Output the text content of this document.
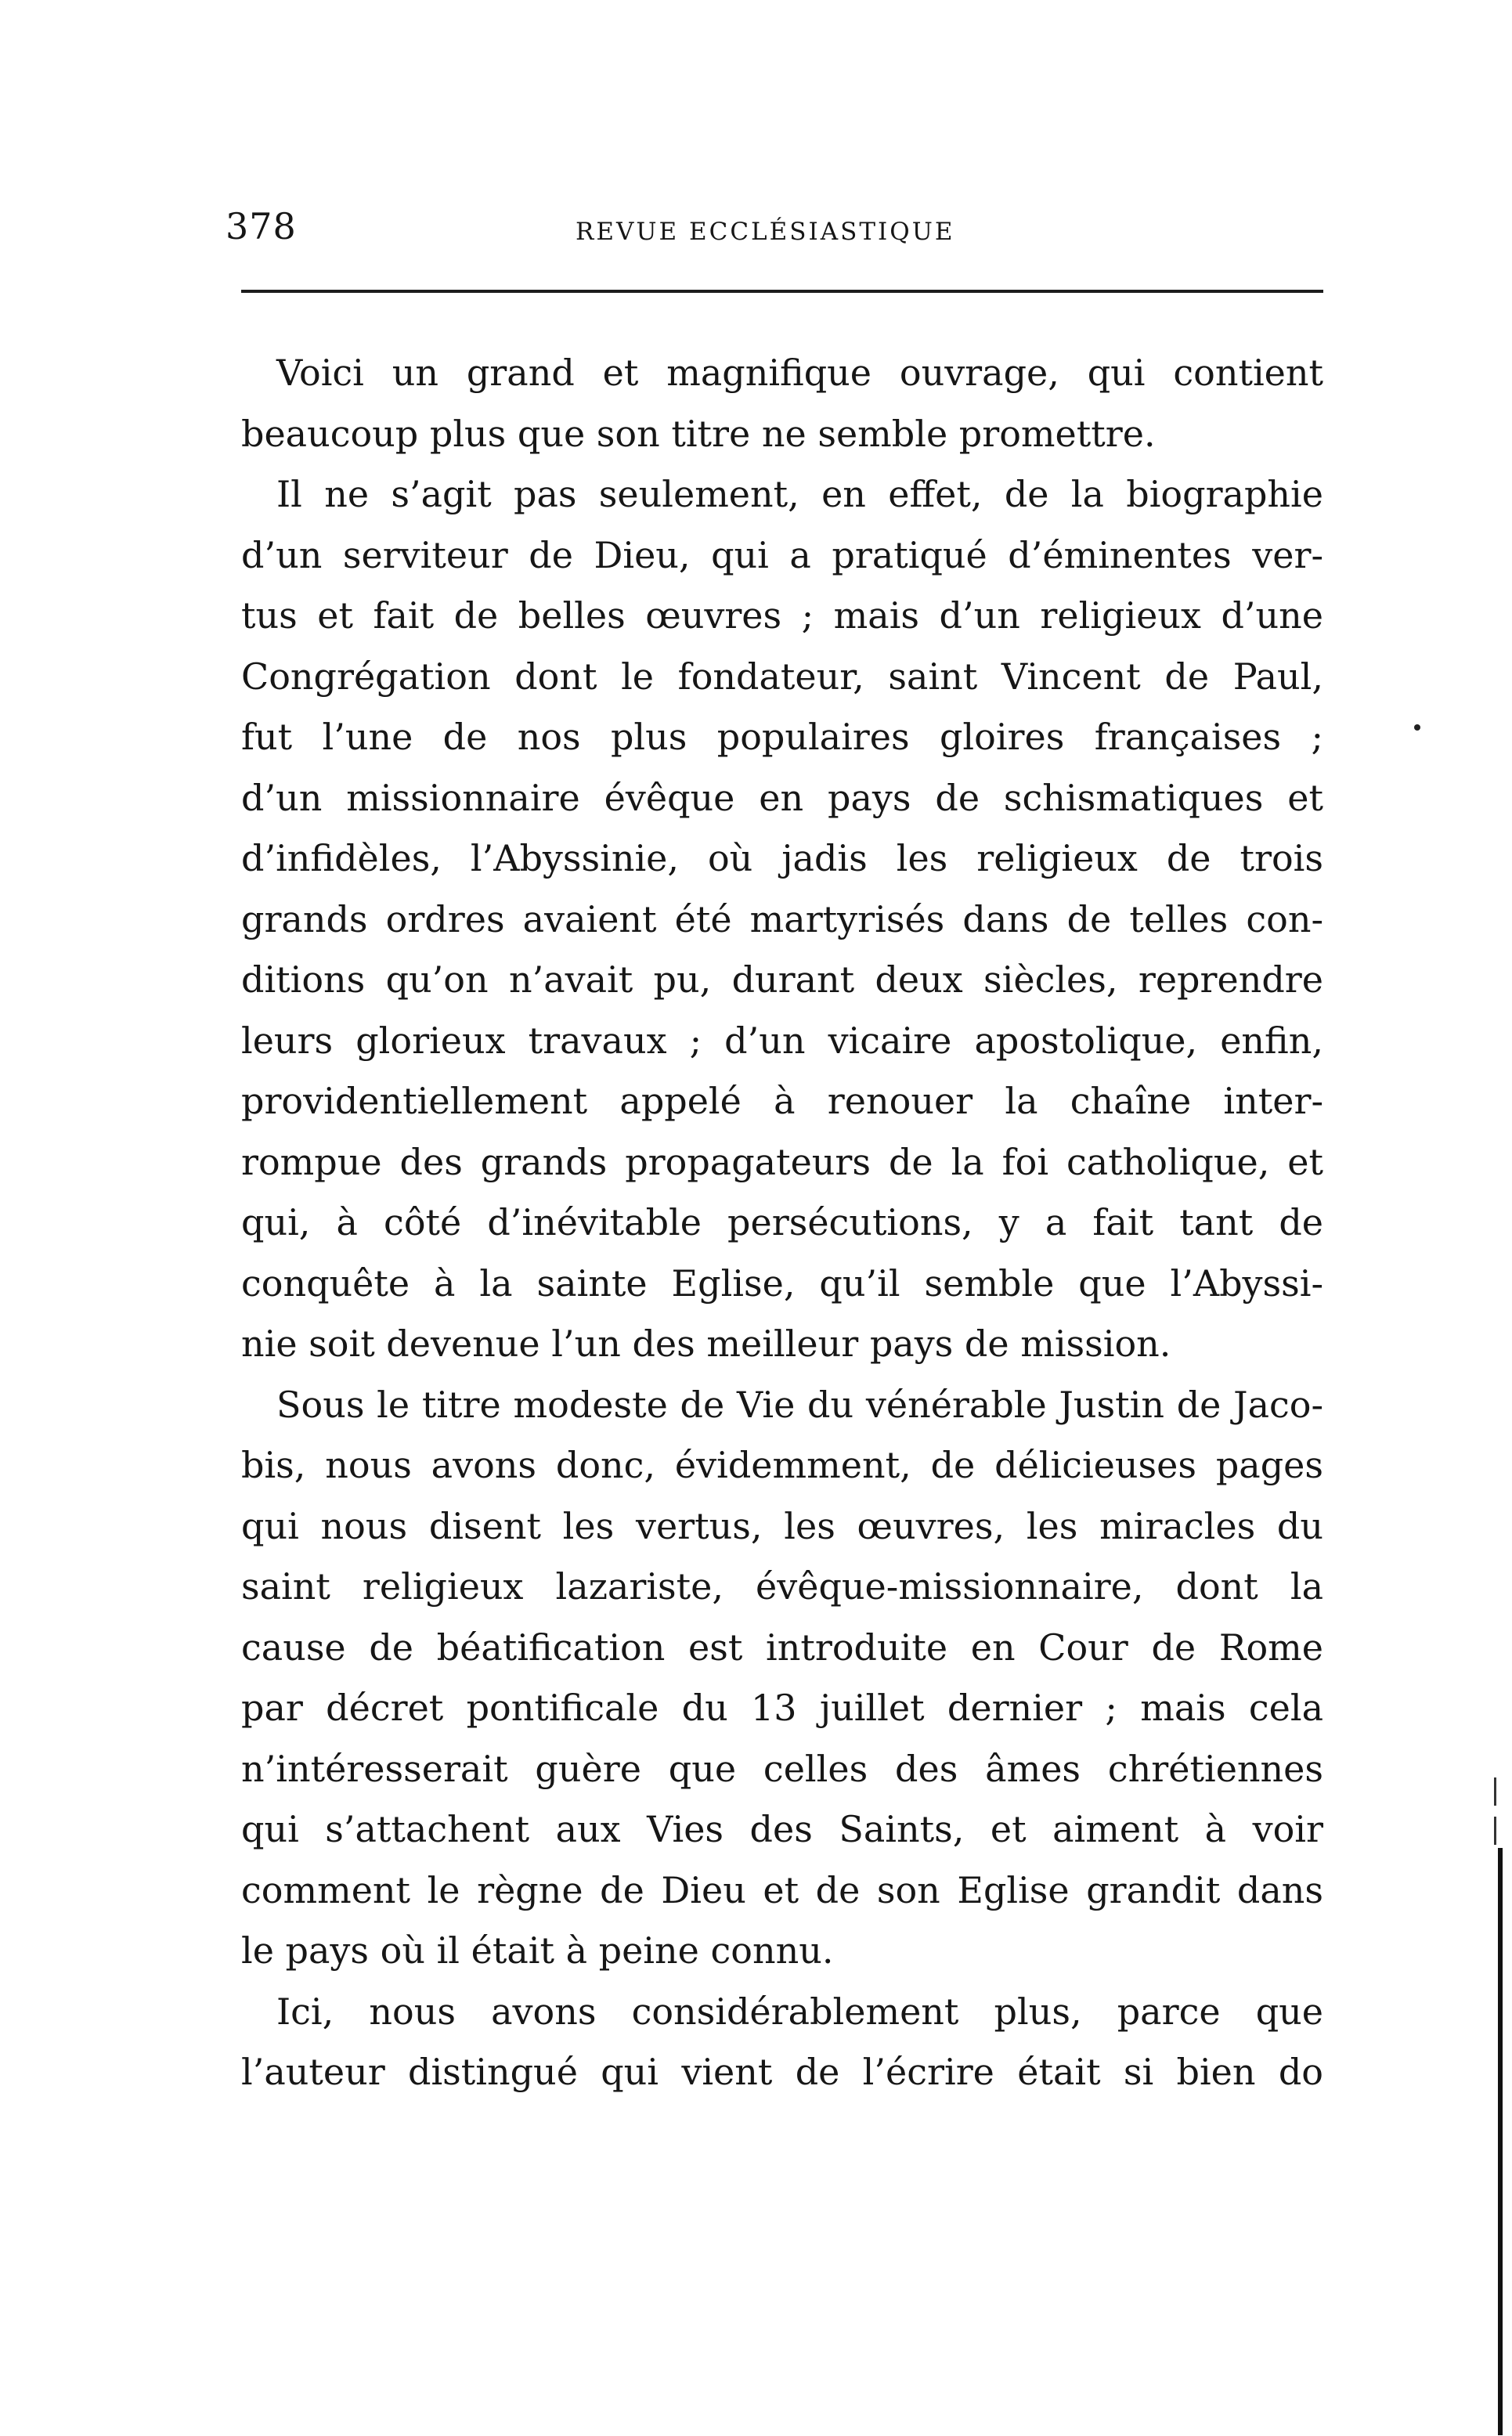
378	REVUE ECCLÉSIASTIQUE
Voici un grand et magnifique ouvrage, qui contient
beaucoup plus que son titre ne semble promettre.
Il ne s’agit pas seulement, en effet, de la biographie
d’un serviteur de Dieu, qui a pratiqué d’éminentes ver-
tus et fait de belles œuvres ; mais d’un religieux d’une
Congrégation dont le fondateur, saint Vincent de Paul,
fut l’une de nos plus populaires gloires françaises ;
d’un missionnaire évêque en pays de schismatiques et
d’infidèles, l’Abyssinie, où jadis les religieux de trois
grands ordres avaient été martyrisés dans de telles con-
ditions qu’on n’avait pu, durant deux siècles, reprendre
leurs glorieux travaux ; d’un vicaire apostolique, enfin,
providentiellement appelé à renouer la chaîne inter-
rompue des grands propagateurs de la foi catholique, et
qui, à côté d’inévitable persécutions, y a fait tant de
conquête à la sainte Eglise, qu’il semble que l’Abyssi-
nie soit devenue l’un des meilleur pays de mission.
Sous le titre modeste de Vie du vénérable Justin de Jaco-
bis, nous avons donc, évidemment, de délicieuses pages
qui nous disent les vertus, les œuvres, les miracles du
saint religieux lazariste, évêque-missionnaire, dont la
cause de béatification est introduite en Cour de Rome
par décret pontificale du 13 juillet dernier ; mais cela
n’intéresserait guère que celles des âmes chrétiennes
qui s’attachent aux Vies des Saints, et aiment à voir
comment le règne de Dieu et de son Eglise grandit dans
le pays où il était à peine connu.
Ici, nous avons considérablement plus, parce que
l’auteur distingué qui vient de l’écrire était si bien do
